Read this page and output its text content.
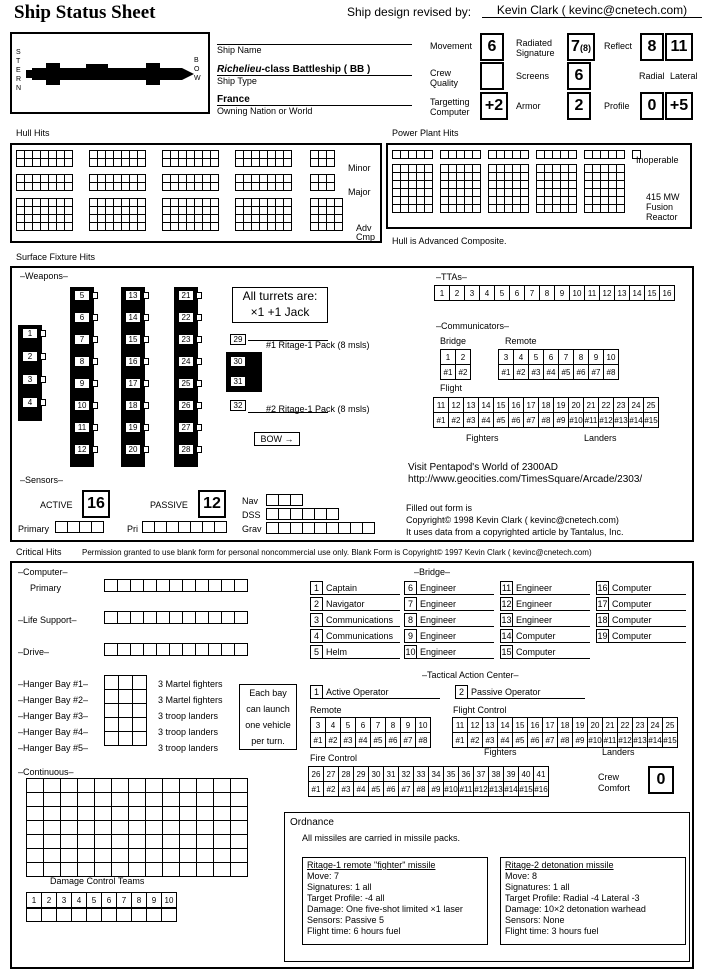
Ship Status Sheet	Ship design revised by:	Kevin Clark ( kevinc@cnetech.com)
S
T
E
R
N
B
O
W
Ship Name
Richelieu-class Battleship ( BB )
Ship Type
France
Owning Nation or World
Movement 6
Crew Quality
Targetting Computer +2
Radiated Signature	7(8)
Screens	6
Armor	2
Reflect 8 11
Radial Lateral
Profile	0 +5
Hull Hits

Minor
Major
Adv
Cmp
Power Plant Hits

Inoperable
415 MW
Fusion
Reactor
Hull is Advanced Composite.
Surface Fixture Hits
–Weapons–
1
2
3
4
5
6
7
8
9
10
11
12
13
14
15
16
17
18
19
20
21
22
23
24
25
26
27
28
29
30
31
32
All turrets are:
×1 +1 Jack
#1 Ritage-1 Pack (8 msls)
#2 Ritage-1 Pack (8 msls)
BOW →
–TTAs–
1	2	3	4	5	6	7	8	9	10	11	12	13	14	15	16
–Communicators–
Bridge	Remote
Flight
1	2
#1	#2
3	4	5	6	7	8	9	10
#1	#2	#3	#4	#5	#6	#7	#8
11	12	13	14	15	16	17	18	19	20	21	22	23	24	25
#1	#2	#3	#4	#5	#6	#7	#8	#9	#10	#11	#12	#13	#14	#15
Fighters	Landers
Visit Pentapod's World of 2300AD
http://www.geocities.com/TimesSquare/Arcade/2303/
–Sensors–
ACTIVE 16	PASSIVE 12
Primary	Pri
Nav
DSS
Grav

Filled out form is
Copyright© 1998 Kevin Clark ( kevinc@cnetech.com)
It uses data from a copyrighted article by Tantalus, Inc.
Critical Hits	Permission granted to use blank form for personal noncommercial use only. Blank Form is Copyright© 1997 Kevin Clark ( kevinc@cnetech.com)
–Computer–
Primary
–Life Support–
–Drive–

–Hanger Bay #1–	3 Martel fighters
–Hanger Bay #2–	3 Martel fighters
–Hanger Bay #3–	3 troop landers
–Hanger Bay #4–	3 troop landers
–Hanger Bay #5–	3 troop landers

Each bay
can launch
one vehicle
per turn.
–Continuous–

Damage Control Teams
1	2	3	4	5	6	7	8	9	10

–Bridge–
1 Captain
2 Navigator
3 Communications
4 Communications
5 Helm
6 Engineer
7 Engineer
8 Engineer
9 Engineer
10 Engineer
11 Engineer
12 Engineer
13 Engineer
14 Computer
15 Computer
16 Computer
17 Computer
18 Computer
19 Computer
–Tactical Action Center–
1 Active Operator	2 Passive Operator
Remote	Flight Control
Fire Control
3	4	5	6	7	8	9	10
#1	#2	#3	#4	#5	#6	#7	#8
11	12	13	14	15	16	17	18	19	20	21	22	23	24	25
#1	#2	#3	#4	#5	#6	#7	#8	#9	#10	#11	#12	#13	#14	#15
26	27	28	29	30	31	32	33	34	35	36	37	38	39	40	41
#1	#2	#3	#4	#5	#6	#7	#8	#9	#10	#11	#12	#13	#14	#15	#16
Fighters	Landers
Crew
Comfort	0
Ordnance
All missiles are carried in missile packs.
Ritage-1 remote "fighter" missile
Move: 7
Signatures: 1 all
Target Profile: -4 all
Damage: One five-shot limited ×1 laser
Sensors: Passive 5
Flight time: 6 hours fuel
Ritage-2 detonation missile
Move: 8
Signatures: 1 all
Target Profile: Radial -4 Lateral -3
Damage: 10×2 detonation warhead
Sensors: None
Flight time: 3 hours fuel
